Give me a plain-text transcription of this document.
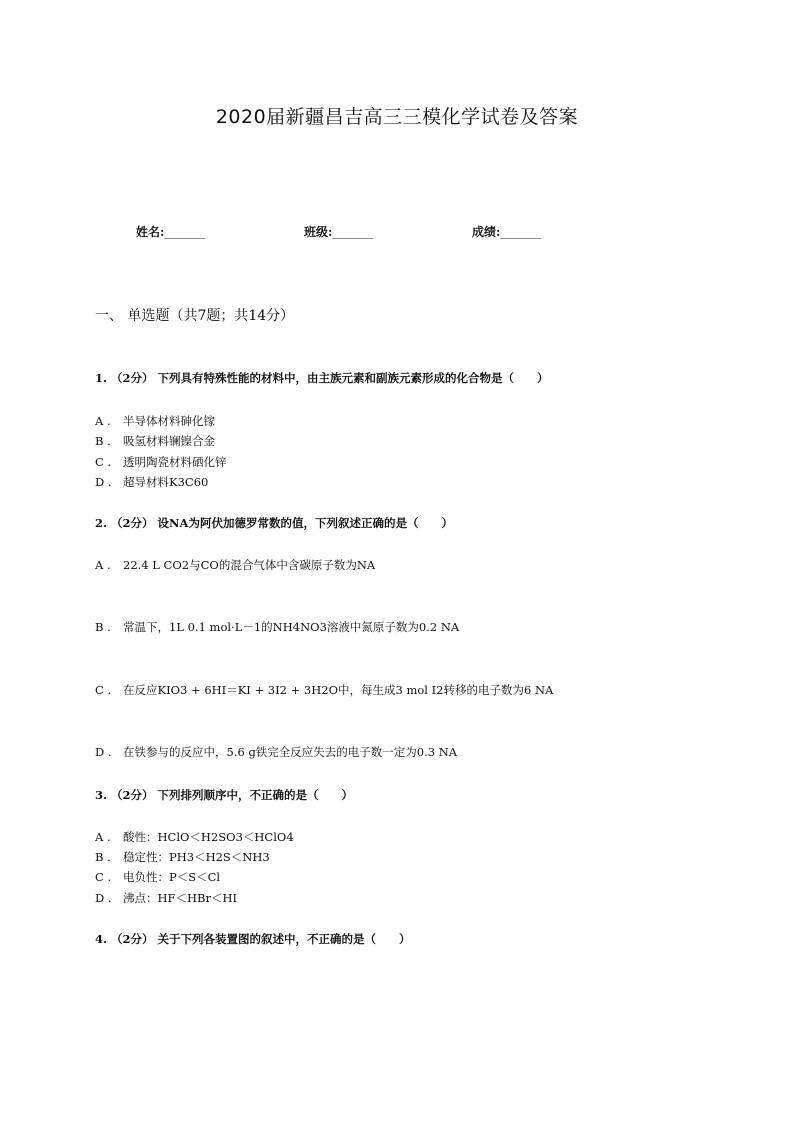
2020届新疆昌吉高三三模化学试卷及答案
姓名:________	班级:________	成绩:________
一、 单选题（共7题；共14分）
1. （2分） 下列具有特殊性能的材料中，由主族元素和副族元素形成的化合物是（　　）
A . 半导体材料砷化镓
B . 吸氢材料镧镍合金
C . 透明陶瓷材料硒化锌
D . 超导材料K3C60
2. （2分） 设NA为阿伏加德罗常数的值，下列叙述正确的是（　　）
A . 22.4 L CO2与CO的混合气体中含碳原子数为NA
B . 常温下，1L 0.1 mol·L－1的NH4NO3溶液中氮原子数为0.2 NA
C . 在反应KIO3 + 6HI＝KI + 3I2 + 3H2O中，每生成3 mol I2转移的电子数为6 NA
D . 在铁参与的反应中，5.6 g铁完全反应失去的电子数一定为0.3 NA
3. （2分） 下列排列顺序中，不正确的是（　　）
A . 酸性：HClO＜H2SO3＜HClO4
B . 稳定性：PH3＜H2S＜NH3
C . 电负性：P＜S＜Cl
D . 沸点：HF＜HBr＜HI
4. （2分） 关于下列各装置图的叙述中，不正确的是（　　）
